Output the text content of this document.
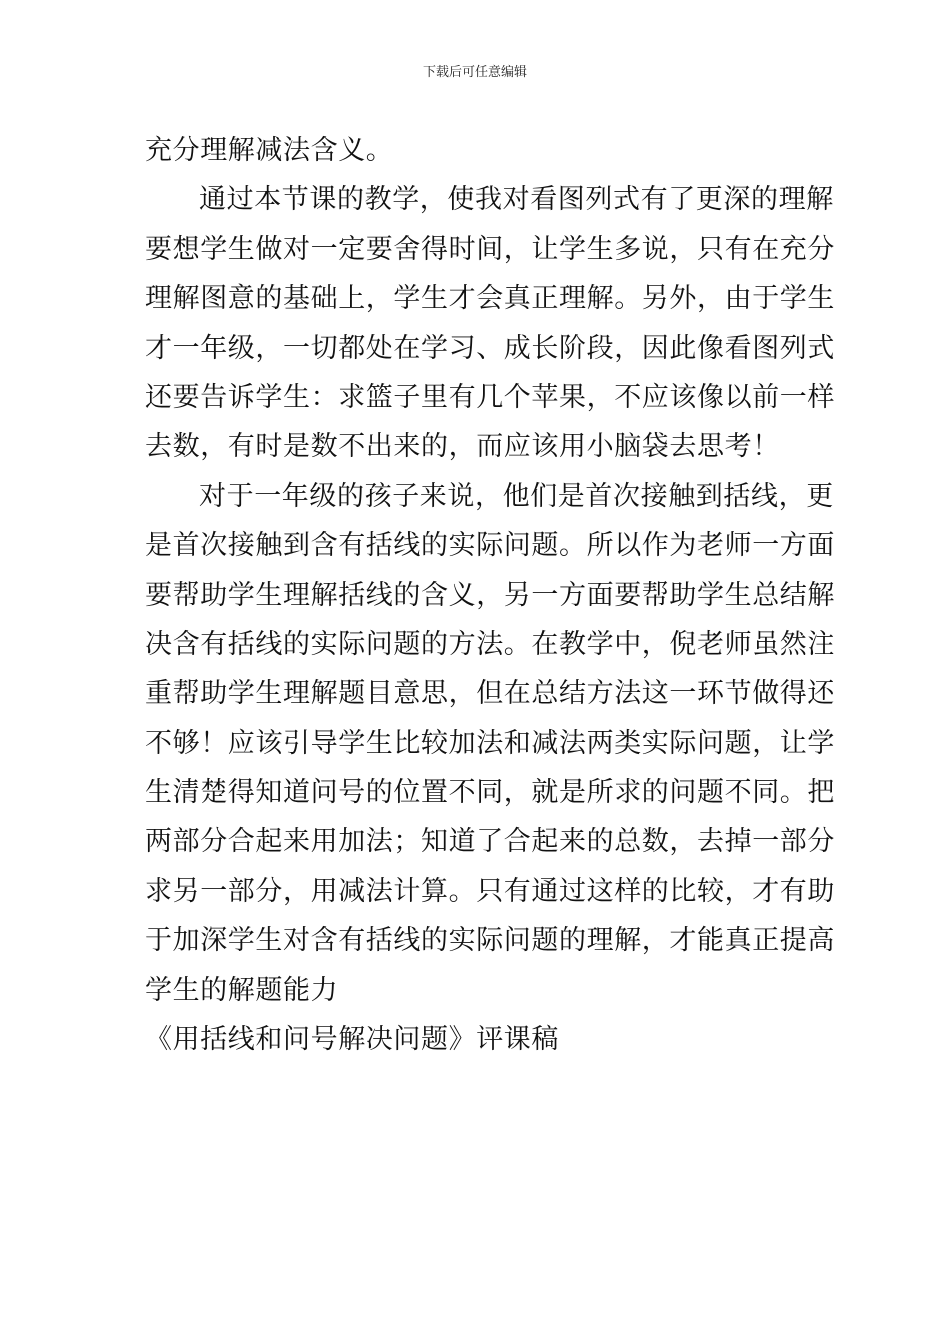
下载后可任意编辑
充分理解减法含义。
通过本节课的教学，使我对看图列式有了更深的理解
要想学生做对一定要舍得时间，让学生多说，只有在充分
理解图意的基础上，学生才会真正理解。另外，由于学生
才一年级，一切都处在学习、成长阶段，因此像看图列式
还要告诉学生：求篮子里有几个苹果，不应该像以前一样
去数，有时是数不出来的，而应该用小脑袋去思考！
对于一年级的孩子来说，他们是首次接触到括线，更
是首次接触到含有括线的实际问题。所以作为老师一方面
要帮助学生理解括线的含义，另一方面要帮助学生总结解
决含有括线的实际问题的方法。在教学中，倪老师虽然注
重帮助学生理解题目意思，但在总结方法这一环节做得还
不够！应该引导学生比较加法和减法两类实际问题，让学
生清楚得知道问号的位置不同，就是所求的问题不同。把
两部分合起来用加法；知道了合起来的总数，去掉一部分
求另一部分，用减法计算。只有通过这样的比较，才有助
于加深学生对含有括线的实际问题的理解，才能真正提高
学生的解题能力
《用括线和问号解决问题》评课稿
